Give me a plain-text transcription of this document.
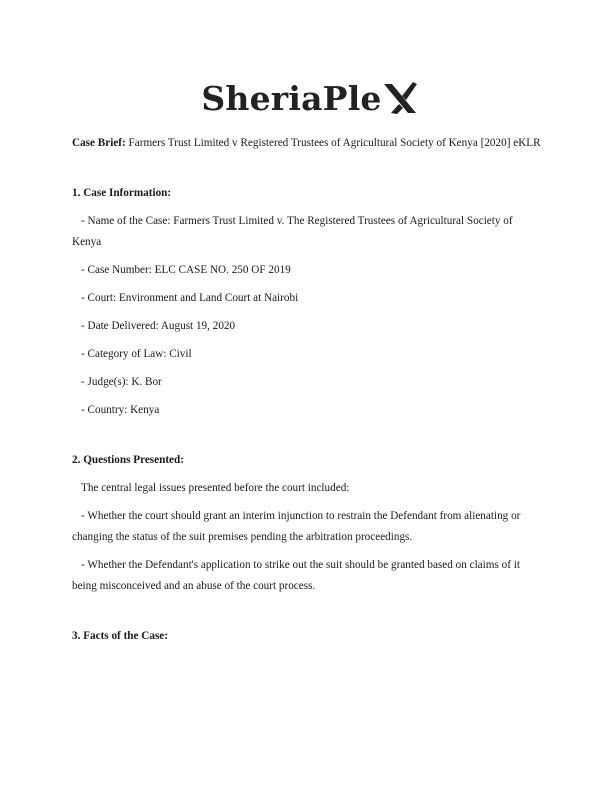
SheriaPle

Case Brief: Farmers Trust Limited v Registered Trustees of Agricultural Society of Kenya [2020] eKLR

1. Case Information:

- Name of the Case: Farmers Trust Limited v. The Registered Trustees of Agricultural Society of Kenya

- Case Number: ELC CASE NO. 250 OF 2019

- Court: Environment and Land Court at Nairobi

- Date Delivered: August 19, 2020

- Category of Law: Civil

- Judge(s): K. Bor

- Country: Kenya

2. Questions Presented:

The central legal issues presented before the court included:

- Whether the court should grant an interim injunction to restrain the Defendant from alienating or changing the status of the suit premises pending the arbitration proceedings.

- Whether the Defendant's application to strike out the suit should be granted based on claims of it being misconceived and an abuse of the court process.

3. Facts of the Case:
